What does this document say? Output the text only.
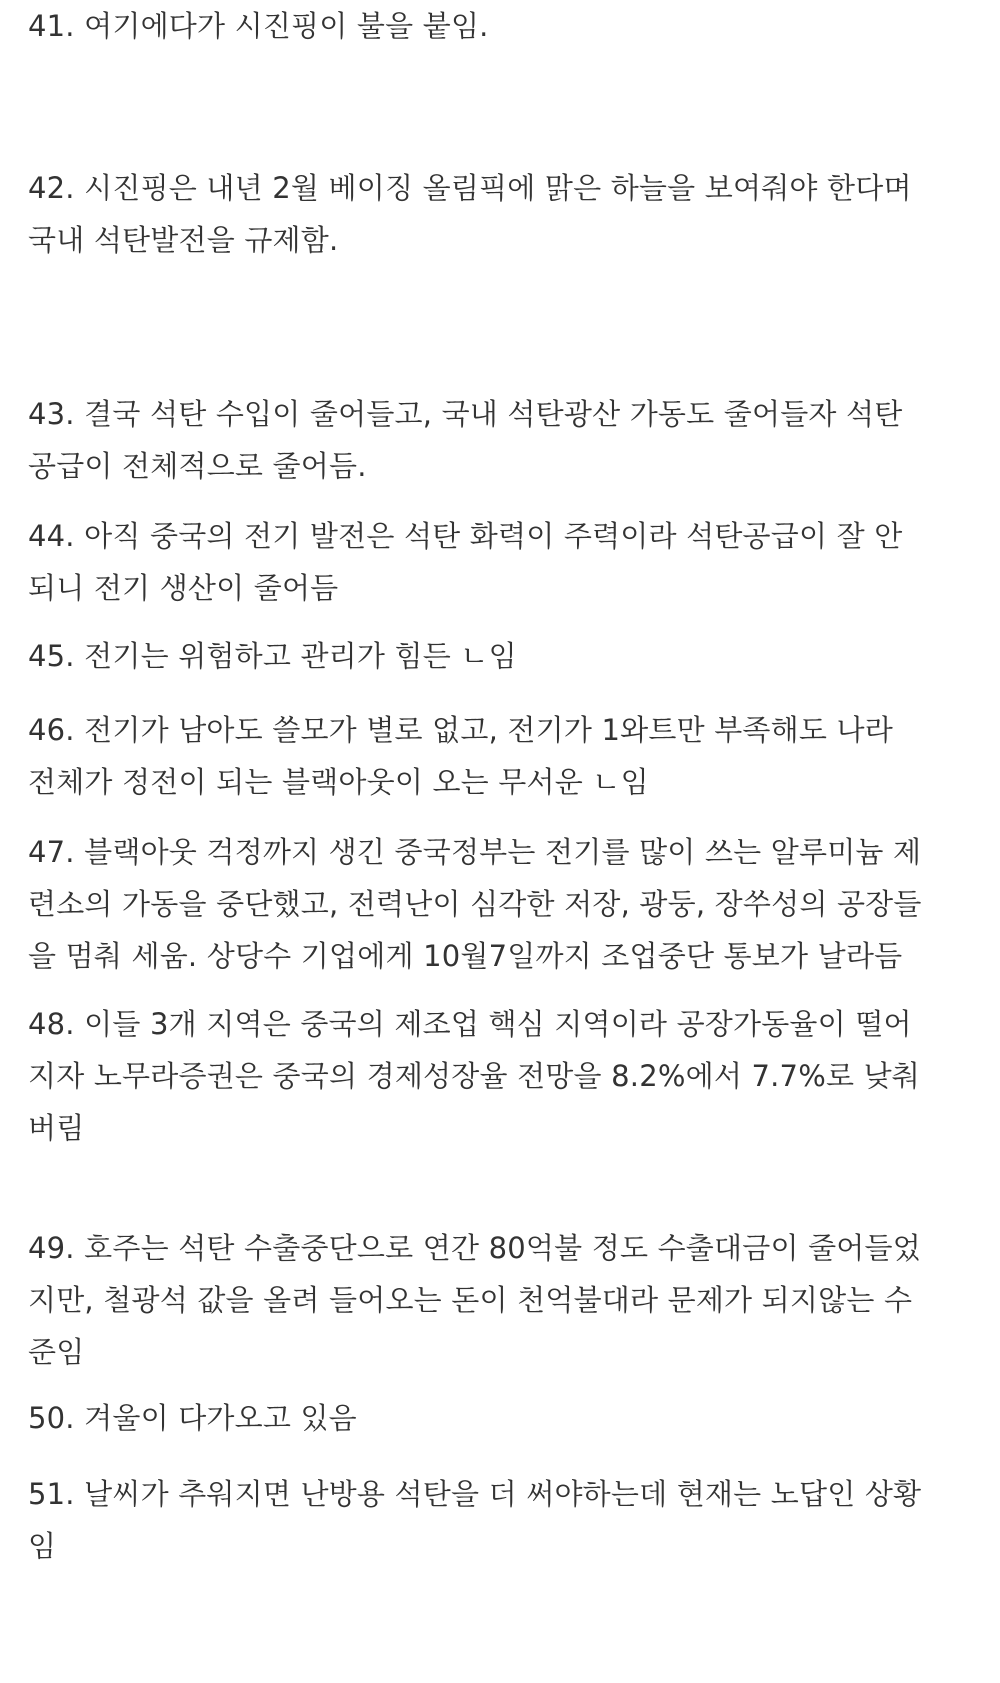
41. 여기에다가 시진핑이 불을 붙임.

42. 시진핑은 내년 2월 베이징 올림픽에 맑은 하늘을 보여줘야 한다며
국내 석탄발전을 규제함.

43. 결국 석탄 수입이 줄어들고, 국내 석탄광산 가동도 줄어들자 석탄
공급이 전체적으로 줄어듬.

44. 아직 중국의 전기 발전은 석탄 화력이 주력이라 석탄공급이 잘 안
되니 전기 생산이 줄어듬

45. 전기는 위험하고 관리가 힘든 ㄴ임

46. 전기가 남아도 쓸모가 별로 없고, 전기가 1와트만 부족해도 나라
전체가 정전이 되는 블랙아웃이 오는 무서운 ㄴ임

47. 블랙아웃 걱정까지 생긴 중국정부는 전기를 많이 쓰는 알루미늄 제
련소의 가동을 중단했고, 전력난이 심각한 저장, 광둥, 장쑤성의 공장들
을 멈춰 세움. 상당수 기업에게 10월7일까지 조업중단 통보가 날라듬

48. 이들 3개 지역은 중국의 제조업 핵심 지역이라 공장가동율이 떨어
지자 노무라증권은 중국의 경제성장율 전망을 8.2%에서 7.7%로 낮춰
버림

49. 호주는 석탄 수출중단으로 연간 80억불 정도 수출대금이 줄어들었
지만, 철광석 값을 올려 들어오는 돈이 천억불대라 문제가 되지않는 수
준임

50. 겨울이 다가오고 있음

51. 날씨가 추워지면 난방용 석탄을 더 써야하는데 현재는 노답인 상황
임
